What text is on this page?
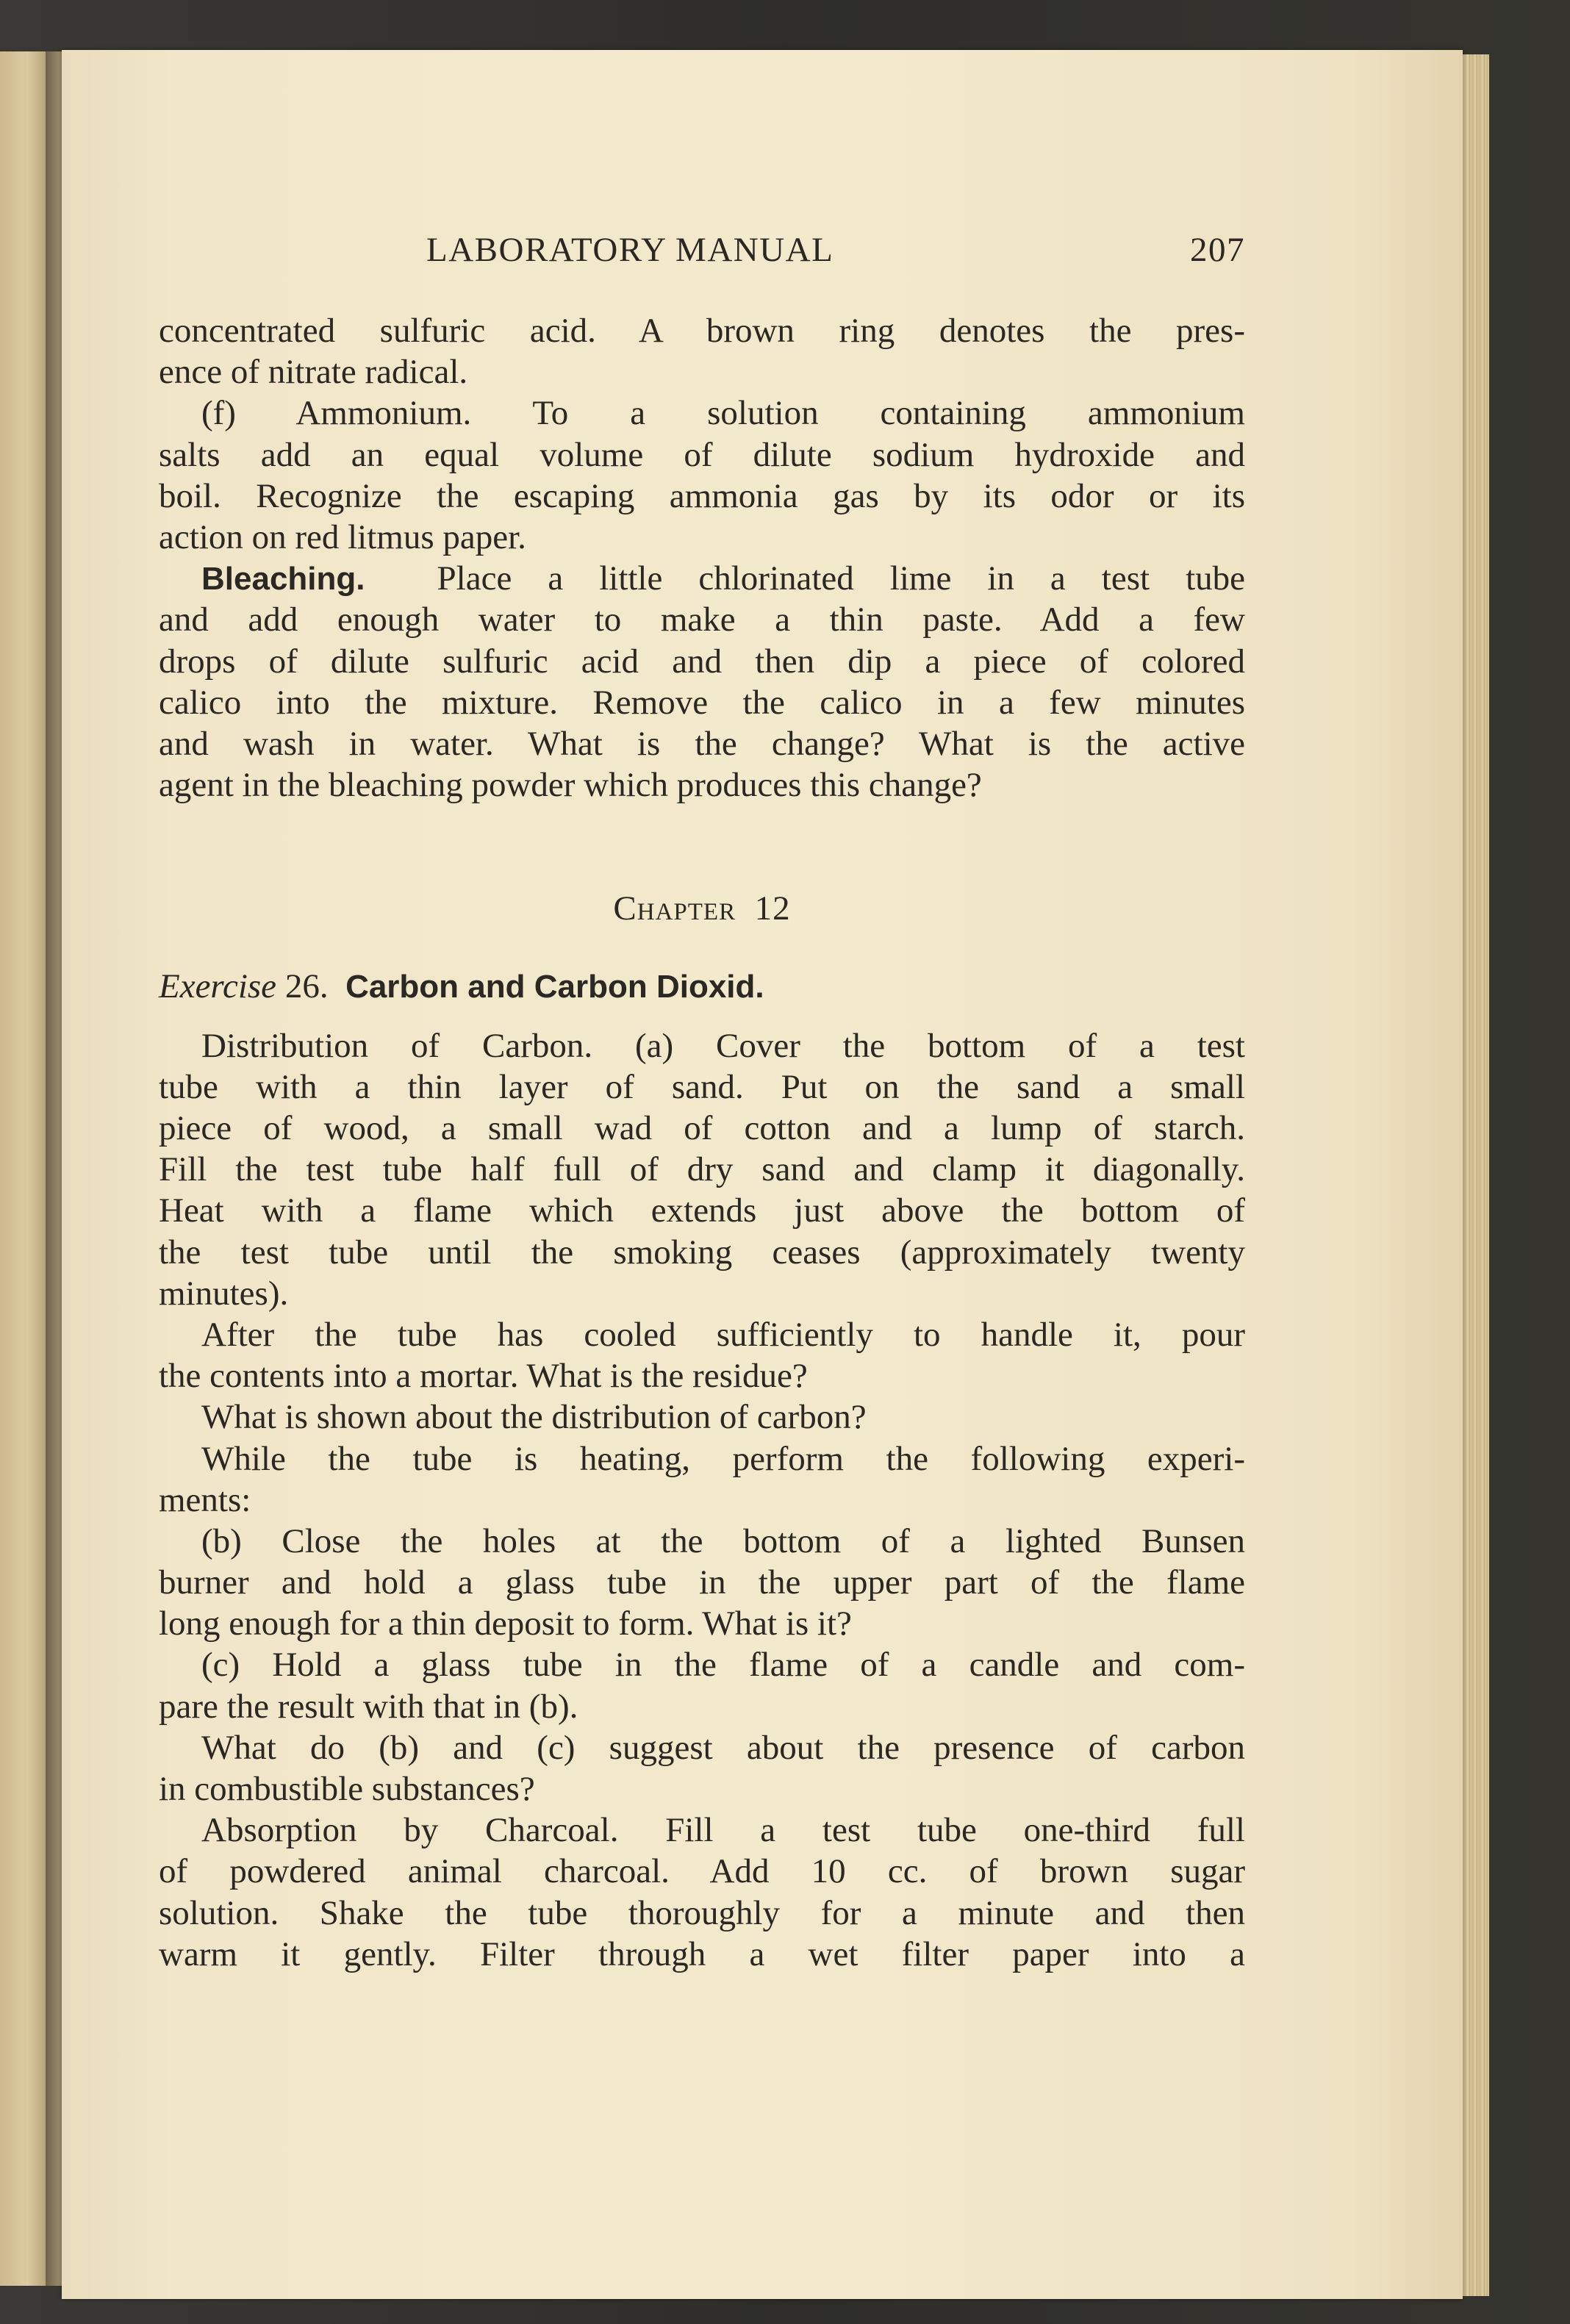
LABORATORY MANUAL	207
concentrated sulfuric acid. A brown ring denotes the pres-
ence of nitrate radical.
(f) Ammonium. To a solution containing ammonium
salts add an equal volume of dilute sodium hydroxide and
boil. Recognize the escaping ammonia gas by its odor or its
action on red litmus paper.
Bleaching. Place a little chlorinated lime in a test tube
and add enough water to make a thin paste. Add a few
drops of dilute sulfuric acid and then dip a piece of colored
calico into the mixture. Remove the calico in a few minutes
and wash in water. What is the change? What is the active
agent in the bleaching powder which produces this change?
Chapter 12
Exercise 26. Carbon and Carbon Dioxid.
Distribution of Carbon. (a) Cover the bottom of a test
tube with a thin layer of sand. Put on the sand a small
piece of wood, a small wad of cotton and a lump of starch.
Fill the test tube half full of dry sand and clamp it diagonally.
Heat with a flame which extends just above the bottom of
the test tube until the smoking ceases (approximately twenty
minutes).
After the tube has cooled sufficiently to handle it, pour
the contents into a mortar. What is the residue?
What is shown about the distribution of carbon?
While the tube is heating, perform the following experi-
ments:
(b) Close the holes at the bottom of a lighted Bunsen
burner and hold a glass tube in the upper part of the flame
long enough for a thin deposit to form. What is it?
(c) Hold a glass tube in the flame of a candle and com-
pare the result with that in (b).
What do (b) and (c) suggest about the presence of carbon
in combustible substances?
Absorption by Charcoal. Fill a test tube one-third full
of powdered animal charcoal. Add 10 cc. of brown sugar
solution. Shake the tube thoroughly for a minute and then
warm it gently. Filter through a wet filter paper into a
